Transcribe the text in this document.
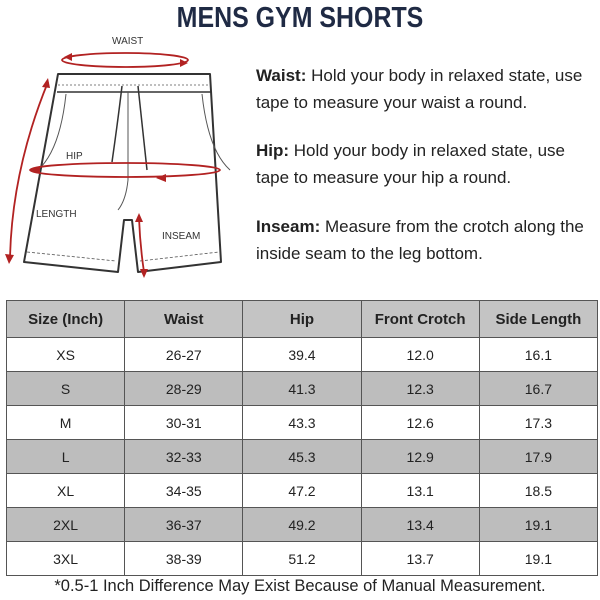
MENS GYM SHORTS
WAIST
HIP
LENGTH
INSEAM
Waist: Hold your body in relaxed state, use tape to measure your waist a round.
Hip: Hold your body in relaxed state, use tape to measure your hip a round.
Inseam: Measure from the crotch along the inside seam to the leg bottom.
Size (Inch)	Waist	Hip	Front Crotch	Side Length
XS	26-27	39.4	12.0	16.1
S	28-29	41.3	12.3	16.7
M	30-31	43.3	12.6	17.3
L	32-33	45.3	12.9	17.9
XL	34-35	47.2	13.1	18.5
2XL	36-37	49.2	13.4	19.1
3XL	38-39	51.2	13.7	19.1
*0.5-1 Inch Difference May Exist Because of Manual Measurement.
